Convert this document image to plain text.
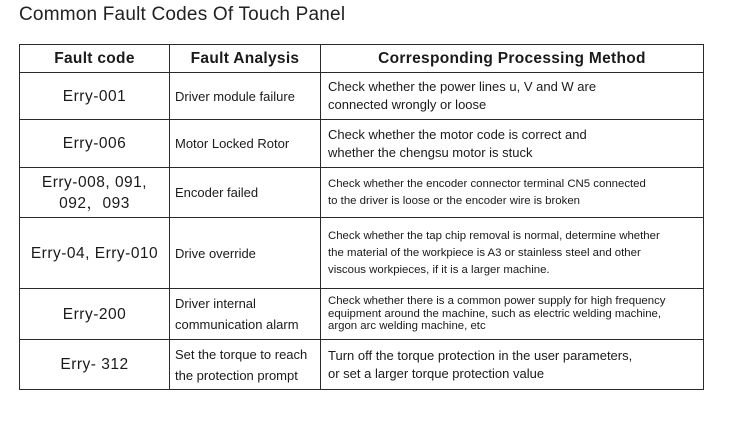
Common Fault Codes Of Touch Panel
Fault code	Fault Analysis	Corresponding Processing Method
Erry-001	Driver module failure	Check whether the power lines u, V and W are
connected wrongly or loose
Erry-006	Motor Locked Rotor	Check whether the motor code is correct and
whether the chengsu motor is stuck
Erry-008, 091,
092，093	Encoder failed	Check whether the encoder connector terminal CN5 connected
to the driver is loose or the encoder wire is broken
Erry-04, Erry-010	Drive override	Check whether the tap chip removal is normal, determine whether
the material of the workpiece is A3 or stainless steel and other
viscous workpieces, if it is a larger machine.
Erry-200	Driver internal
communication alarm	Check whether there is a common power supply for high frequency
equipment around the machine, such as electric welding machine,
argon arc welding machine, etc
Erry- 312	Set the torque to reach
the protection prompt	Turn off the torque protection in the user parameters,
or set a larger torque protection value
